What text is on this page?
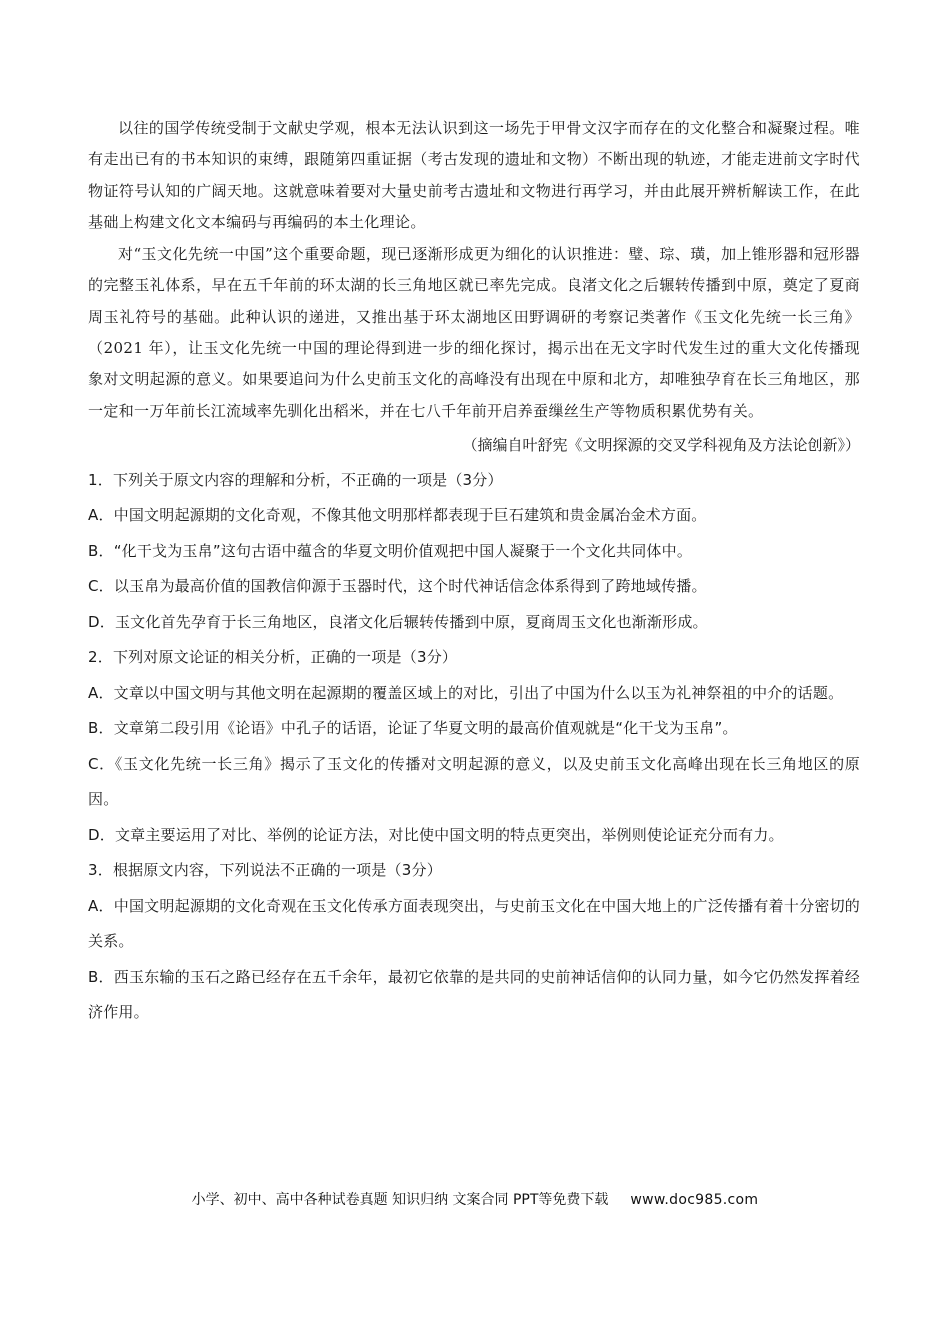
以往的国学传统受制于文献史学观，根本无法认识到这一场先于甲骨文汉字而存在的文化整合和凝聚过程。唯有走出已有的书本知识的束缚，跟随第四重证据（考古发现的遗址和文物）不断出现的轨迹，才能走进前文字时代物证符号认知的广阔天地。这就意味着要对大量史前考古遗址和文物进行再学习，并由此展开辨析解读工作，在此基础上构建文化文本编码与再编码的本土化理论。

对“玉文化先统一中国”这个重要命题，现已逐渐形成更为细化的认识推进：璧、琮、璜，加上锥形器和冠形器的完整玉礼体系，早在五千年前的环太湖的长三角地区就已率先完成。良渚文化之后辗转传播到中原，奠定了夏商周玉礼符号的基础。此种认识的递进，又推出基于环太湖地区田野调研的考察记类著作《玉文化先统一长三角》（2021 年），让玉文化先统一中国的理论得到进一步的细化探讨，揭示出在无文字时代发生过的重大文化传播现象对文明起源的意义。如果要追问为什么史前玉文化的高峰没有出现在中原和北方，却唯独孕育在长三角地区，那一定和一万年前长江流域率先驯化出稻米，并在七八千年前开启养蚕缫丝生产等物质积累优势有关。

（摘编自叶舒宪《文明探源的交叉学科视角及方法论创新》）

1．下列关于原文内容的理解和分析，不正确的一项是（3分）

A．中国文明起源期的文化奇观，不像其他文明那样都表现于巨石建筑和贵金属冶金术方面。

B．“化干戈为玉帛”这句古语中蕴含的华夏文明价值观把中国人凝聚于一个文化共同体中。

C．以玉帛为最高价值的国教信仰源于玉器时代，这个时代神话信念体系得到了跨地域传播。

D．玉文化首先孕育于长三角地区，良渚文化后辗转传播到中原，夏商周玉文化也渐渐形成。

2．下列对原文论证的相关分析，正确的一项是（3分）

A．文章以中国文明与其他文明在起源期的覆盖区域上的对比，引出了中国为什么以玉为礼神祭祖的中介的话题。

B．文章第二段引用《论语》中孔子的话语，论证了华夏文明的最高价值观就是“化干戈为玉帛”。

C．《玉文化先统一长三角》揭示了玉文化的传播对文明起源的意义，以及史前玉文化高峰出现在长三角地区的原因。

D．文章主要运用了对比、举例的论证方法，对比使中国文明的特点更突出，举例则使论证充分而有力。

3．根据原文内容，下列说法不正确的一项是（3分）

A．中国文明起源期的文化奇观在玉文化传承方面表现突出，与史前玉文化在中国大地上的广泛传播有着十分密切的关系。

B．西玉东输的玉石之路已经存在五千余年，最初它依靠的是共同的史前神话信仰的认同力量，如今它仍然发挥着经济作用。

小学、初中、高中各种试卷真题 知识归纳 文案合同 PPT等免费下载 www.doc985.com
